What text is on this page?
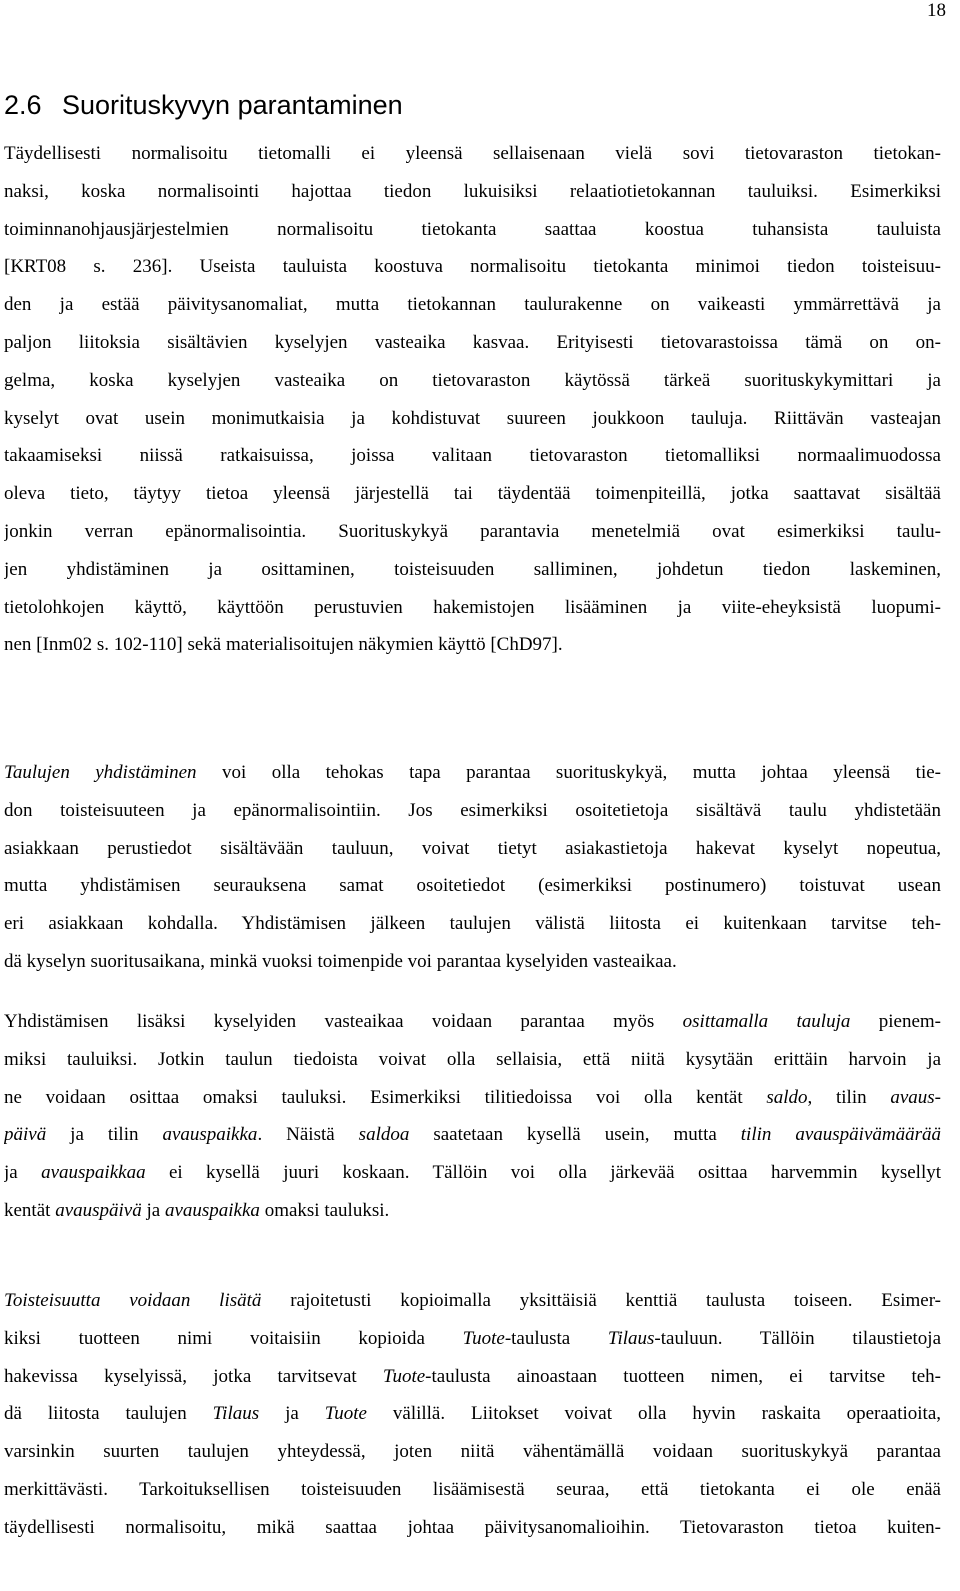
18
2.6 Suorituskyvyn parantaminen
Täydellisesti normalisoitu tietomalli ei yleensä sellaisenaan vielä sovi tietovaraston tietokan-
naksi, koska normalisointi hajottaa tiedon lukuisiksi relaatiotietokannan tauluiksi. Esimerkiksi
toiminnanohjausjärjestelmien normalisoitu tietokanta saattaa koostua tuhansista tauluista
[KRT08 s. 236]. Useista tauluista koostuva normalisoitu tietokanta minimoi tiedon toisteisuu-
den ja estää päivitysanomaliat, mutta tietokannan taulurakenne on vaikeasti ymmärrettävä ja
paljon liitoksia sisältävien kyselyjen vasteaika kasvaa. Erityisesti tietovarastoissa tämä on on-
gelma, koska kyselyjen vasteaika on tietovaraston käytössä tärkeä suorituskykymittari ja
kyselyt ovat usein monimutkaisia ja kohdistuvat suureen joukkoon tauluja. Riittävän vasteajan
takaamiseksi niissä ratkaisuissa, joissa valitaan tietovaraston tietomalliksi normaalimuodossa
oleva tieto, täytyy tietoa yleensä järjestellä tai täydentää toimenpiteillä, jotka saattavat sisältää
jonkin verran epänormalisointia. Suorituskykyä parantavia menetelmiä ovat esimerkiksi taulu-
jen yhdistäminen ja osittaminen, toisteisuuden salliminen, johdetun tiedon laskeminen,
tietolohkojen käyttö, käyttöön perustuvien hakemistojen lisääminen ja viite-eheyksistä luopumi-
nen [Inm02 s. 102-110] sekä materialisoitujen näkymien käyttö [ChD97].
Taulujen yhdistäminen voi olla tehokas tapa parantaa suorituskykyä, mutta johtaa yleensä tie-
don toisteisuuteen ja epänormalisointiin. Jos esimerkiksi osoitetietoja sisältävä taulu yhdistetään
asiakkaan perustiedot sisältävään tauluun, voivat tietyt asiakastietoja hakevat kyselyt nopeutua,
mutta yhdistämisen seurauksena samat osoitetiedot (esimerkiksi postinumero) toistuvat usean
eri asiakkaan kohdalla. Yhdistämisen jälkeen taulujen välistä liitosta ei kuitenkaan tarvitse teh-
dä kyselyn suoritusaikana, minkä vuoksi toimenpide voi parantaa kyselyiden vasteaikaa.
Yhdistämisen lisäksi kyselyiden vasteaikaa voidaan parantaa myös osittamalla tauluja pienem-
miksi tauluiksi. Jotkin taulun tiedoista voivat olla sellaisia, että niitä kysytään erittäin harvoin ja
ne voidaan osittaa omaksi tauluksi. Esimerkiksi tilitiedoissa voi olla kentät saldo, tilin avaus-
päivä ja tilin avauspaikka. Näistä saldoa saatetaan kysellä usein, mutta tilin avauspäivämäärää
ja avauspaikkaa ei kysellä juuri koskaan. Tällöin voi olla järkevää osittaa harvemmin kysellyt
kentät avauspäivä ja avauspaikka omaksi tauluksi.
Toisteisuutta voidaan lisätä rajoitetusti kopioimalla yksittäisiä kenttiä taulusta toiseen. Esimer-
kiksi tuotteen nimi voitaisiin kopioida Tuote-taulusta Tilaus-tauluun. Tällöin tilaustietoja
hakevissa kyselyissä, jotka tarvitsevat Tuote-taulusta ainoastaan tuotteen nimen, ei tarvitse teh-
dä liitosta taulujen Tilaus ja Tuote välillä. Liitokset voivat olla hyvin raskaita operaatioita,
varsinkin suurten taulujen yhteydessä, joten niitä vähentämällä voidaan suorituskykyä parantaa
merkittävästi. Tarkoituksellisen toisteisuuden lisäämisestä seuraa, että tietokanta ei ole enää
täydellisesti normalisoitu, mikä saattaa johtaa päivitysanomalioihin. Tietovaraston tietoa kuiten-
